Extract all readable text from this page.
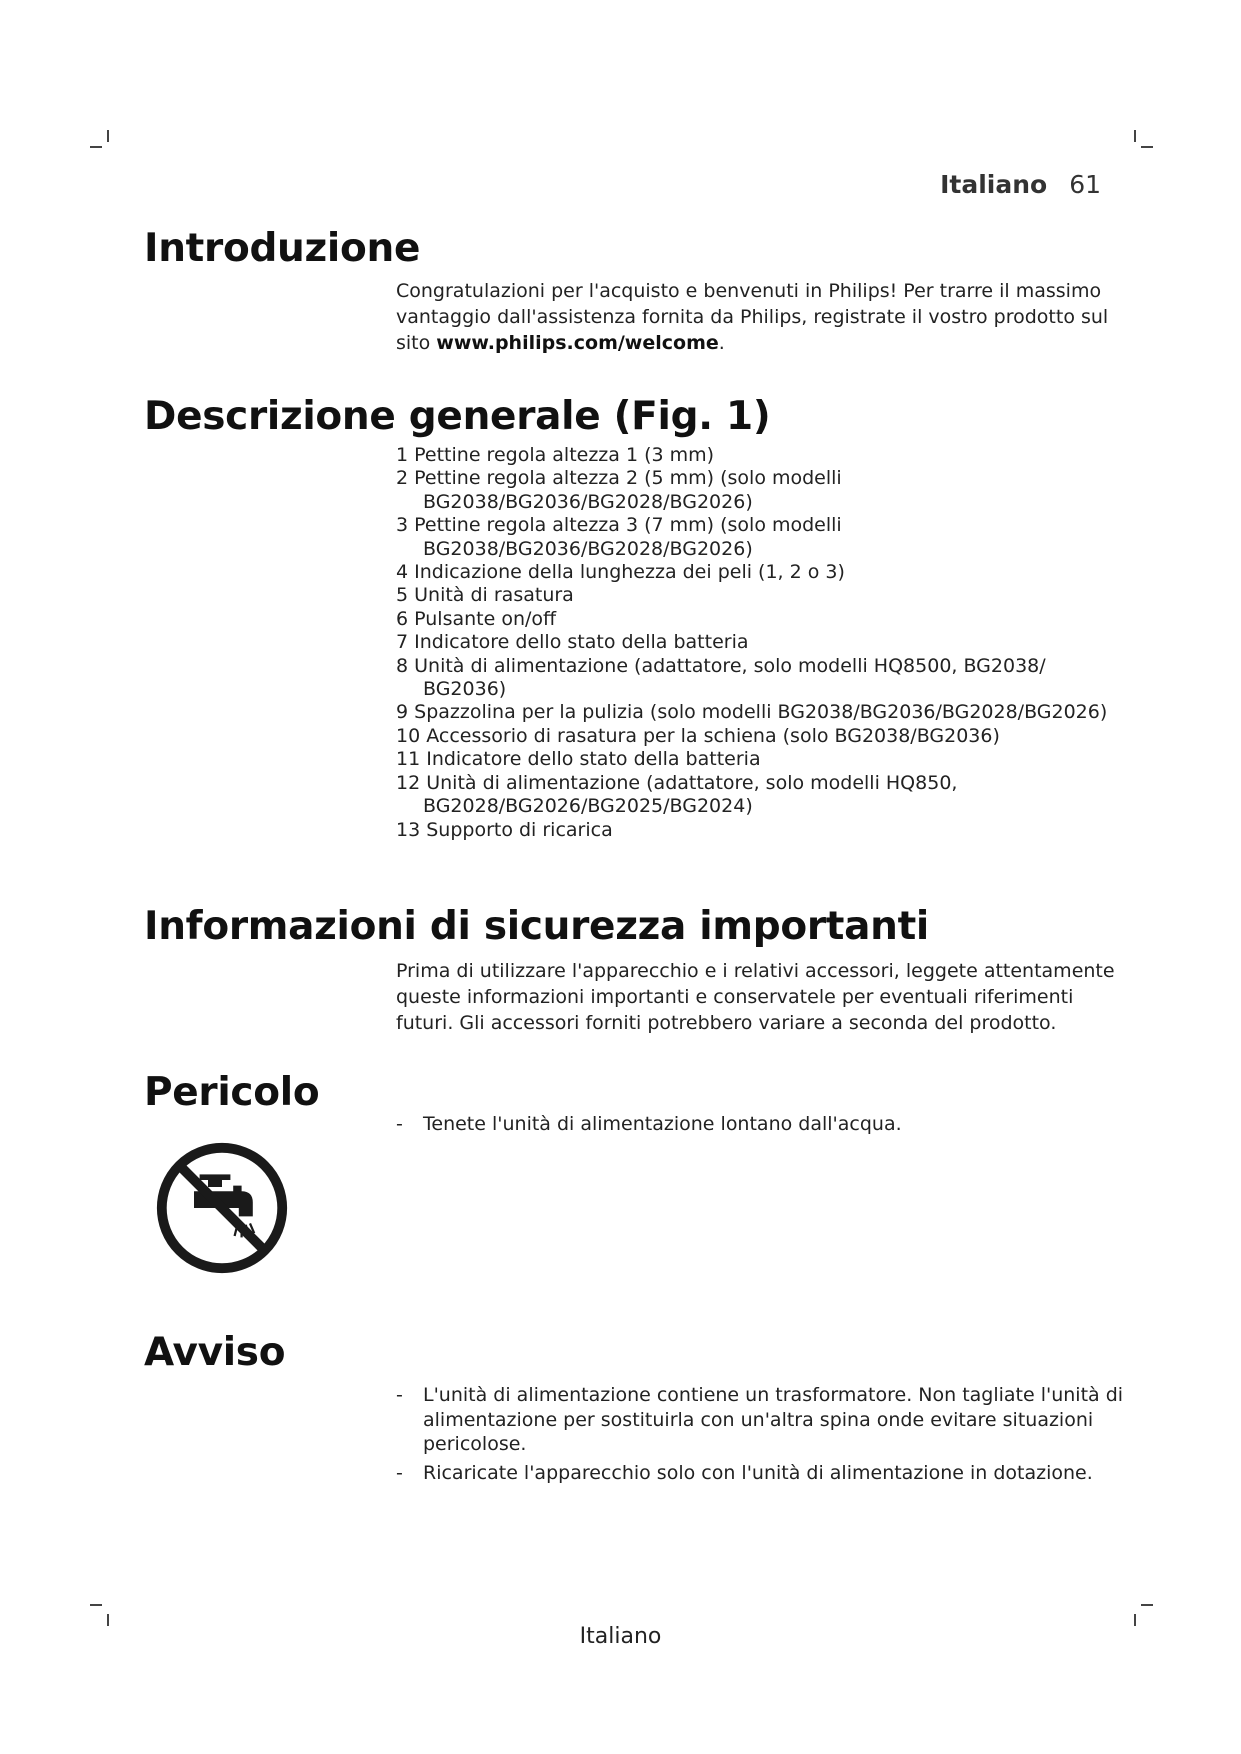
Italiano 61
Introduzione

Congratulazioni per l'acquisto e benvenuti in Philips! Per trarre il massimo vantaggio dall'assistenza fornita da Philips, registrate il vostro prodotto sul sito www.philips.com/welcome.

Descrizione generale (Fig. 1)
1 Pettine regola altezza 1 (3 mm)
2 Pettine regola altezza 2 (5 mm) (solo modelli BG2038/BG2036/BG2028/BG2026)
3 Pettine regola altezza 3 (7 mm) (solo modelli BG2038/BG2036/BG2028/BG2026)
4 Indicazione della lunghezza dei peli (1, 2 o 3)
5 Unità di rasatura
6 Pulsante on/off
7 Indicatore dello stato della batteria
8 Unità di alimentazione (adattatore, solo modelli HQ8500, BG2038/ BG2036)
9 Spazzolina per la pulizia (solo modelli BG2038/BG2036/BG2028/BG2026)
10 Accessorio di rasatura per la schiena (solo BG2038/BG2036)
11 Indicatore dello stato della batteria
12 Unità di alimentazione (adattatore, solo modelli HQ850, BG2028/BG2026/BG2025/BG2024)
13 Supporto di ricarica
Informazioni di sicurezza importanti

Prima di utilizzare l'apparecchio e i relativi accessori, leggete attentamente queste informazioni importanti e conservatele per eventuali riferimenti futuri. Gli accessori forniti potrebbero variare a seconda del prodotto.

Pericolo
- Tenete l'unità di alimentazione lontano dall'acqua.
Avviso
- L'unità di alimentazione contiene un trasformatore. Non tagliate l'unità di alimentazione per sostituirla con un'altra spina onde evitare situazioni pericolose.
- Ricaricate l'apparecchio solo con l'unità di alimentazione in dotazione.
Italiano
